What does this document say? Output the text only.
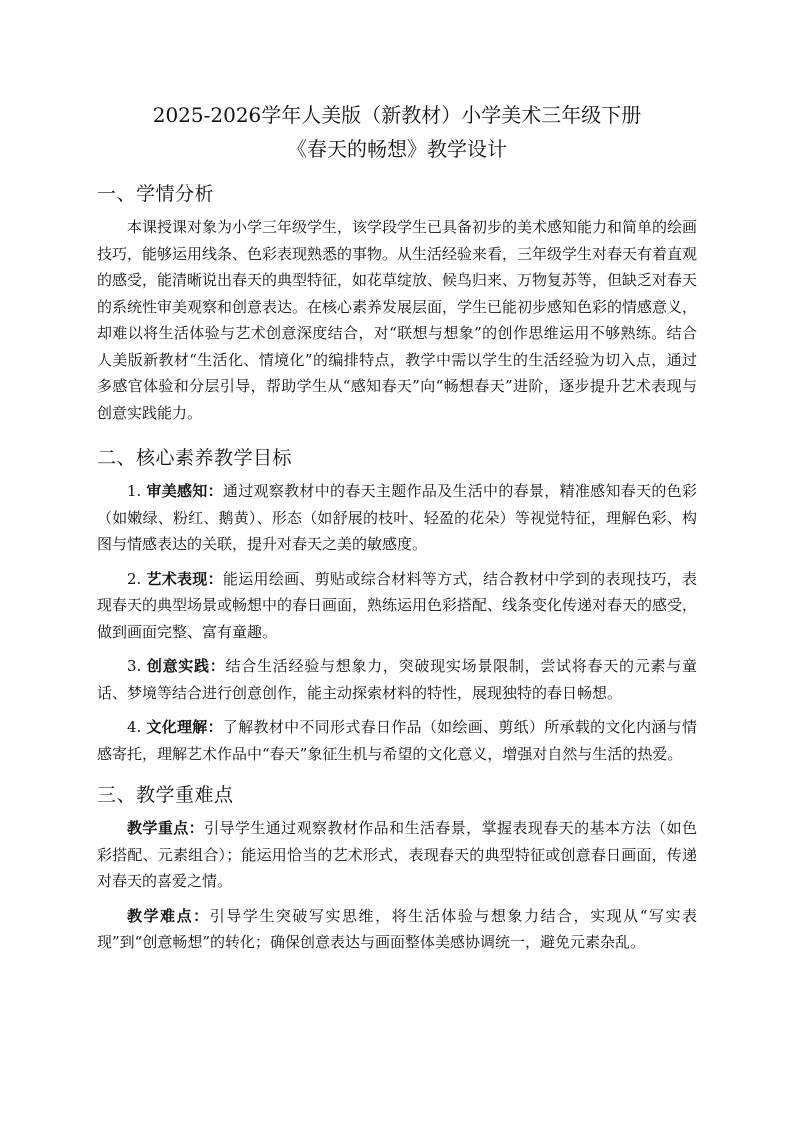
2025-2026学年人美版（新教材）小学美术三年级下册
《春天的畅想》教学设计
一、学情分析

本课授课对象为小学三年级学生，该学段学生已具备初步的美术感知能力和简单的绘画技巧，能够运用线条、色彩表现熟悉的事物。从生活经验来看，三年级学生对春天有着直观的感受，能清晰说出春天的典型特征，如花草绽放、候鸟归来、万物复苏等，但缺乏对春天的系统性审美观察和创意表达。在核心素养发展层面，学生已能初步感知色彩的情感意义，却难以将生活体验与艺术创意深度结合，对“联想与想象”的创作思维运用不够熟练。结合人美版新教材“生活化、情境化”的编排特点，教学中需以学生的生活经验为切入点，通过多感官体验和分层引导，帮助学生从“感知春天”向“畅想春天”进阶，逐步提升艺术表现与创意实践能力。

二、核心素养教学目标

1. 审美感知：通过观察教材中的春天主题作品及生活中的春景，精准感知春天的色彩（如嫩绿、粉红、鹅黄）、形态（如舒展的枝叶、轻盈的花朵）等视觉特征，理解色彩、构图与情感表达的关联，提升对春天之美的敏感度。

2. 艺术表现：能运用绘画、剪贴或综合材料等方式，结合教材中学到的表现技巧，表现春天的典型场景或畅想中的春日画面，熟练运用色彩搭配、线条变化传递对春天的感受，做到画面完整、富有童趣。

3. 创意实践：结合生活经验与想象力，突破现实场景限制，尝试将春天的元素与童话、梦境等结合进行创意创作，能主动探索材料的特性，展现独特的春日畅想。

4. 文化理解：了解教材中不同形式春日作品（如绘画、剪纸）所承载的文化内涵与情感寄托，理解艺术作品中“春天”象征生机与希望的文化意义，增强对自然与生活的热爱。

三、教学重难点

教学重点：引导学生通过观察教材作品和生活春景，掌握表现春天的基本方法（如色彩搭配、元素组合）；能运用恰当的艺术形式，表现春天的典型特征或创意春日画面，传递对春天的喜爱之情。

教学难点：引导学生突破写实思维，将生活体验与想象力结合，实现从“写实表现”到“创意畅想”的转化；确保创意表达与画面整体美感协调统一，避免元素杂乱。
